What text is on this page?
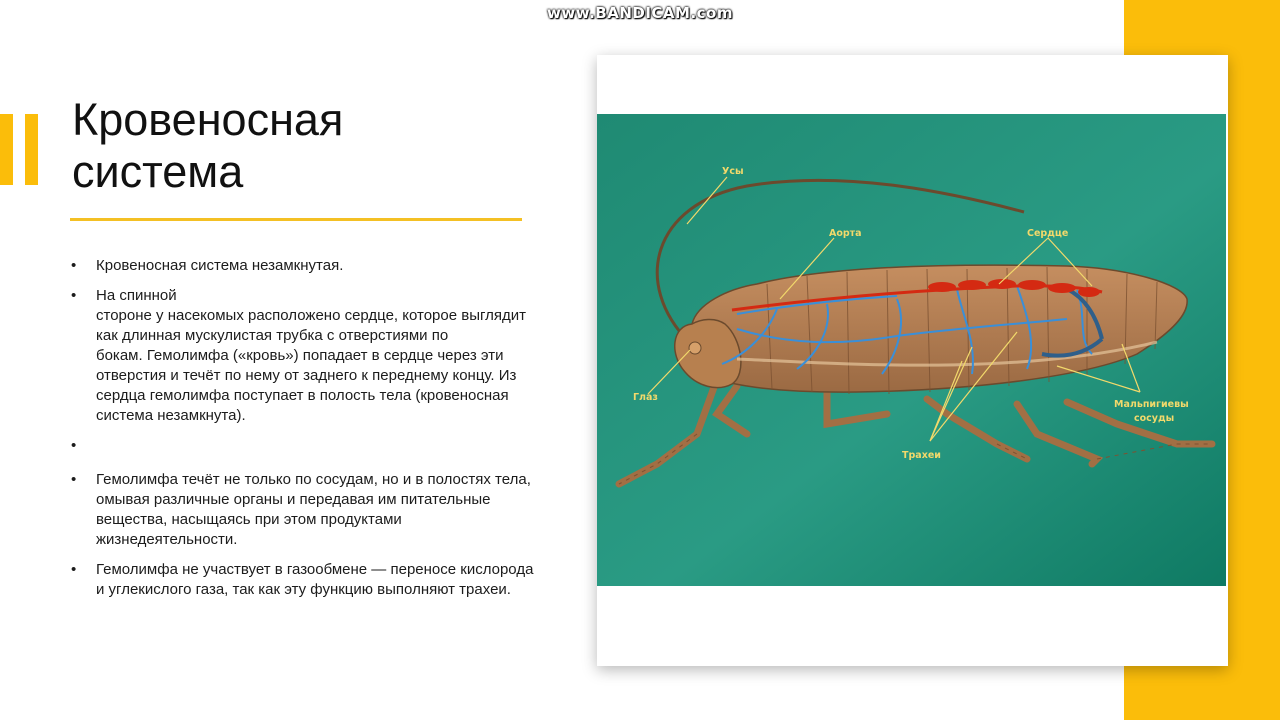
www.BANDICAM.com
Кровеносная
система
• Кровеносная система незамкнутая.
• На спинной
стороне у насекомых расположено сердце, которое выглядит как длинная мускулистая трубка с отверстиями по
бокам. Гемолимфа («кровь») попадает в сердце через эти отверстия и течёт по нему от заднего к переднему концу. Из сердца гемолимфа поступает в полость тела (кровеносная система незамкнута).
•
• Гемолимфа течёт не только по сосудам, но и в полостях тела, омывая различные органы и передавая им питательные вещества, насыщаясь при этом продуктами жизнедеятельности.
• Гемолимфа не участвует в газообмене — переносе кислорода и углекислого газа, так как эту функцию выполняют трахеи.
Усы
Аорта	Сердце
Глаз
Трахеи
Мальпигиевы
сосуды
